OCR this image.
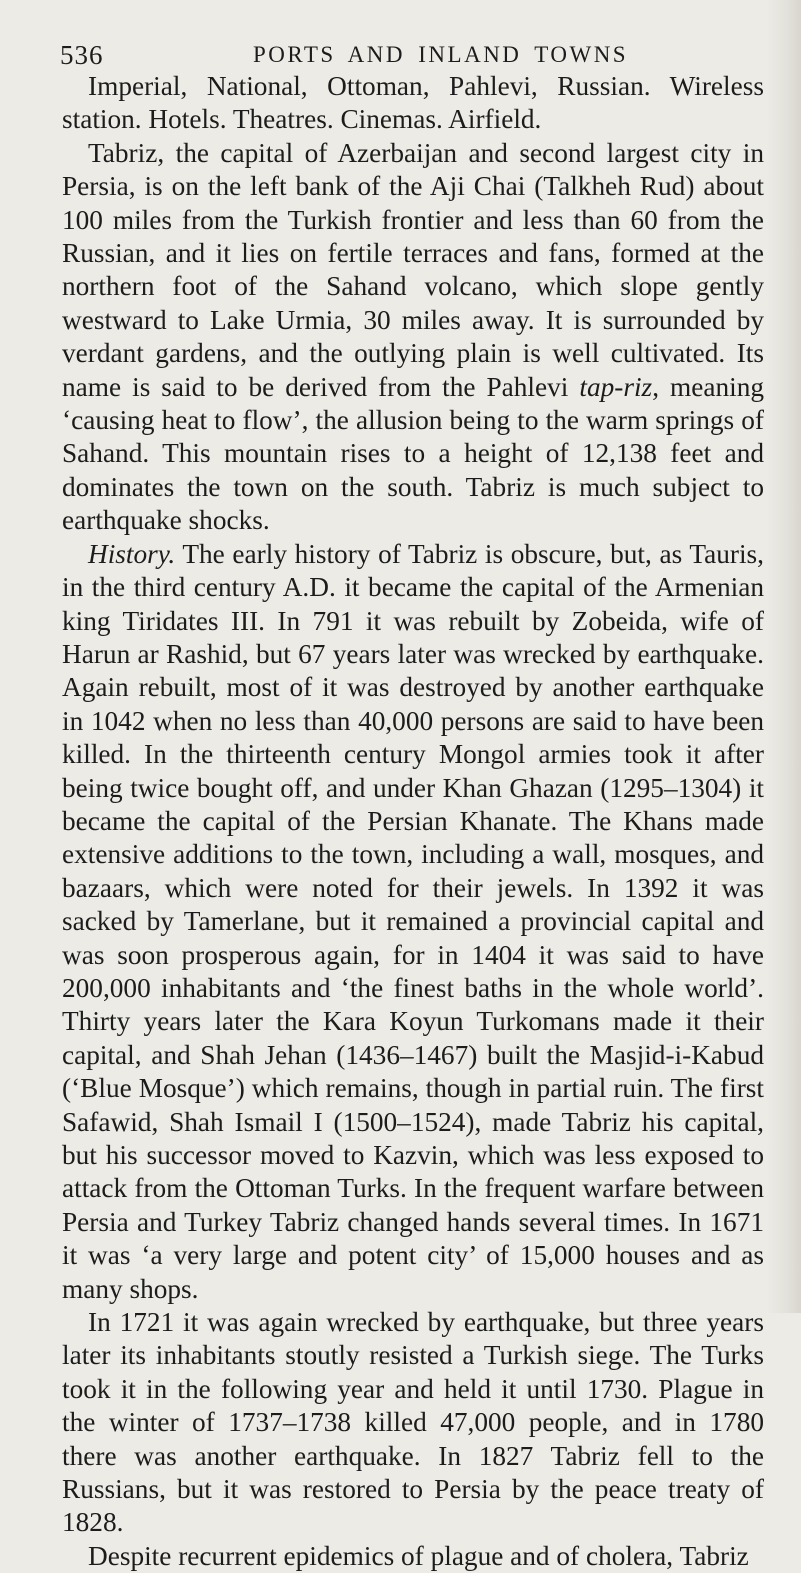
536	PORTS AND INLAND TOWNS

Imperial, National, Ottoman, Pahlevi, Russian. Wireless station. Hotels. Theatres. Cinemas. Airfield.

Tabriz, the capital of Azerbaijan and second largest city in Persia, is on the left bank of the Aji Chai (Talkheh Rud) about 100 miles from the Turkish frontier and less than 60 from the Russian, and it lies on fertile terraces and fans, formed at the northern foot of the Sahand volcano, which slope gently westward to Lake Urmia, 30 miles away. It is surrounded by verdant gardens, and the outlying plain is well cultivated. Its name is said to be derived from the Pahlevi tap-riz, meaning ‘causing heat to flow’, the allusion being to the warm springs of Sahand. This mountain rises to a height of 12,138 feet and dominates the town on the south. Tabriz is much subject to earthquake shocks.

History. The early history of Tabriz is obscure, but, as Tauris, in the third century A.D. it became the capital of the Armenian king Tiridates III. In 791 it was rebuilt by Zobeida, wife of Harun ar Rashid, but 67 years later was wrecked by earthquake. Again rebuilt, most of it was destroyed by another earthquake in 1042 when no less than 40,000 persons are said to have been killed. In the thirteenth century Mongol armies took it after being twice bought off, and under Khan Ghazan (1295–1304) it became the capital of the Persian Khanate. The Khans made extensive additions to the town, including a wall, mosques, and bazaars, which were noted for their jewels. In 1392 it was sacked by Tamerlane, but it remained a provincial capital and was soon prosperous again, for in 1404 it was said to have 200,000 inhabitants and ‘the finest baths in the whole world’. Thirty years later the Kara Koyun Turkomans made it their capital, and Shah Jehan (1436–1467) built the Masjid-i-Kabud (‘Blue Mosque’) which remains, though in partial ruin. The first Safawid, Shah Ismail I (1500–1524), made Tabriz his capital, but his successor moved to Kazvin, which was less exposed to attack from the Ottoman Turks. In the frequent warfare between Persia and Turkey Tabriz changed hands several times. In 1671 it was ‘a very large and potent city’ of 15,000 houses and as many shops.

In 1721 it was again wrecked by earthquake, but three years later its inhabitants stoutly resisted a Turkish siege. The Turks took it in the following year and held it until 1730. Plague in the winter of 1737–1738 killed 47,000 people, and in 1780 there was another earthquake. In 1827 Tabriz fell to the Russians, but it was restored to Persia by the peace treaty of 1828.

Despite recurrent epidemics of plague and of cholera, Tabriz
